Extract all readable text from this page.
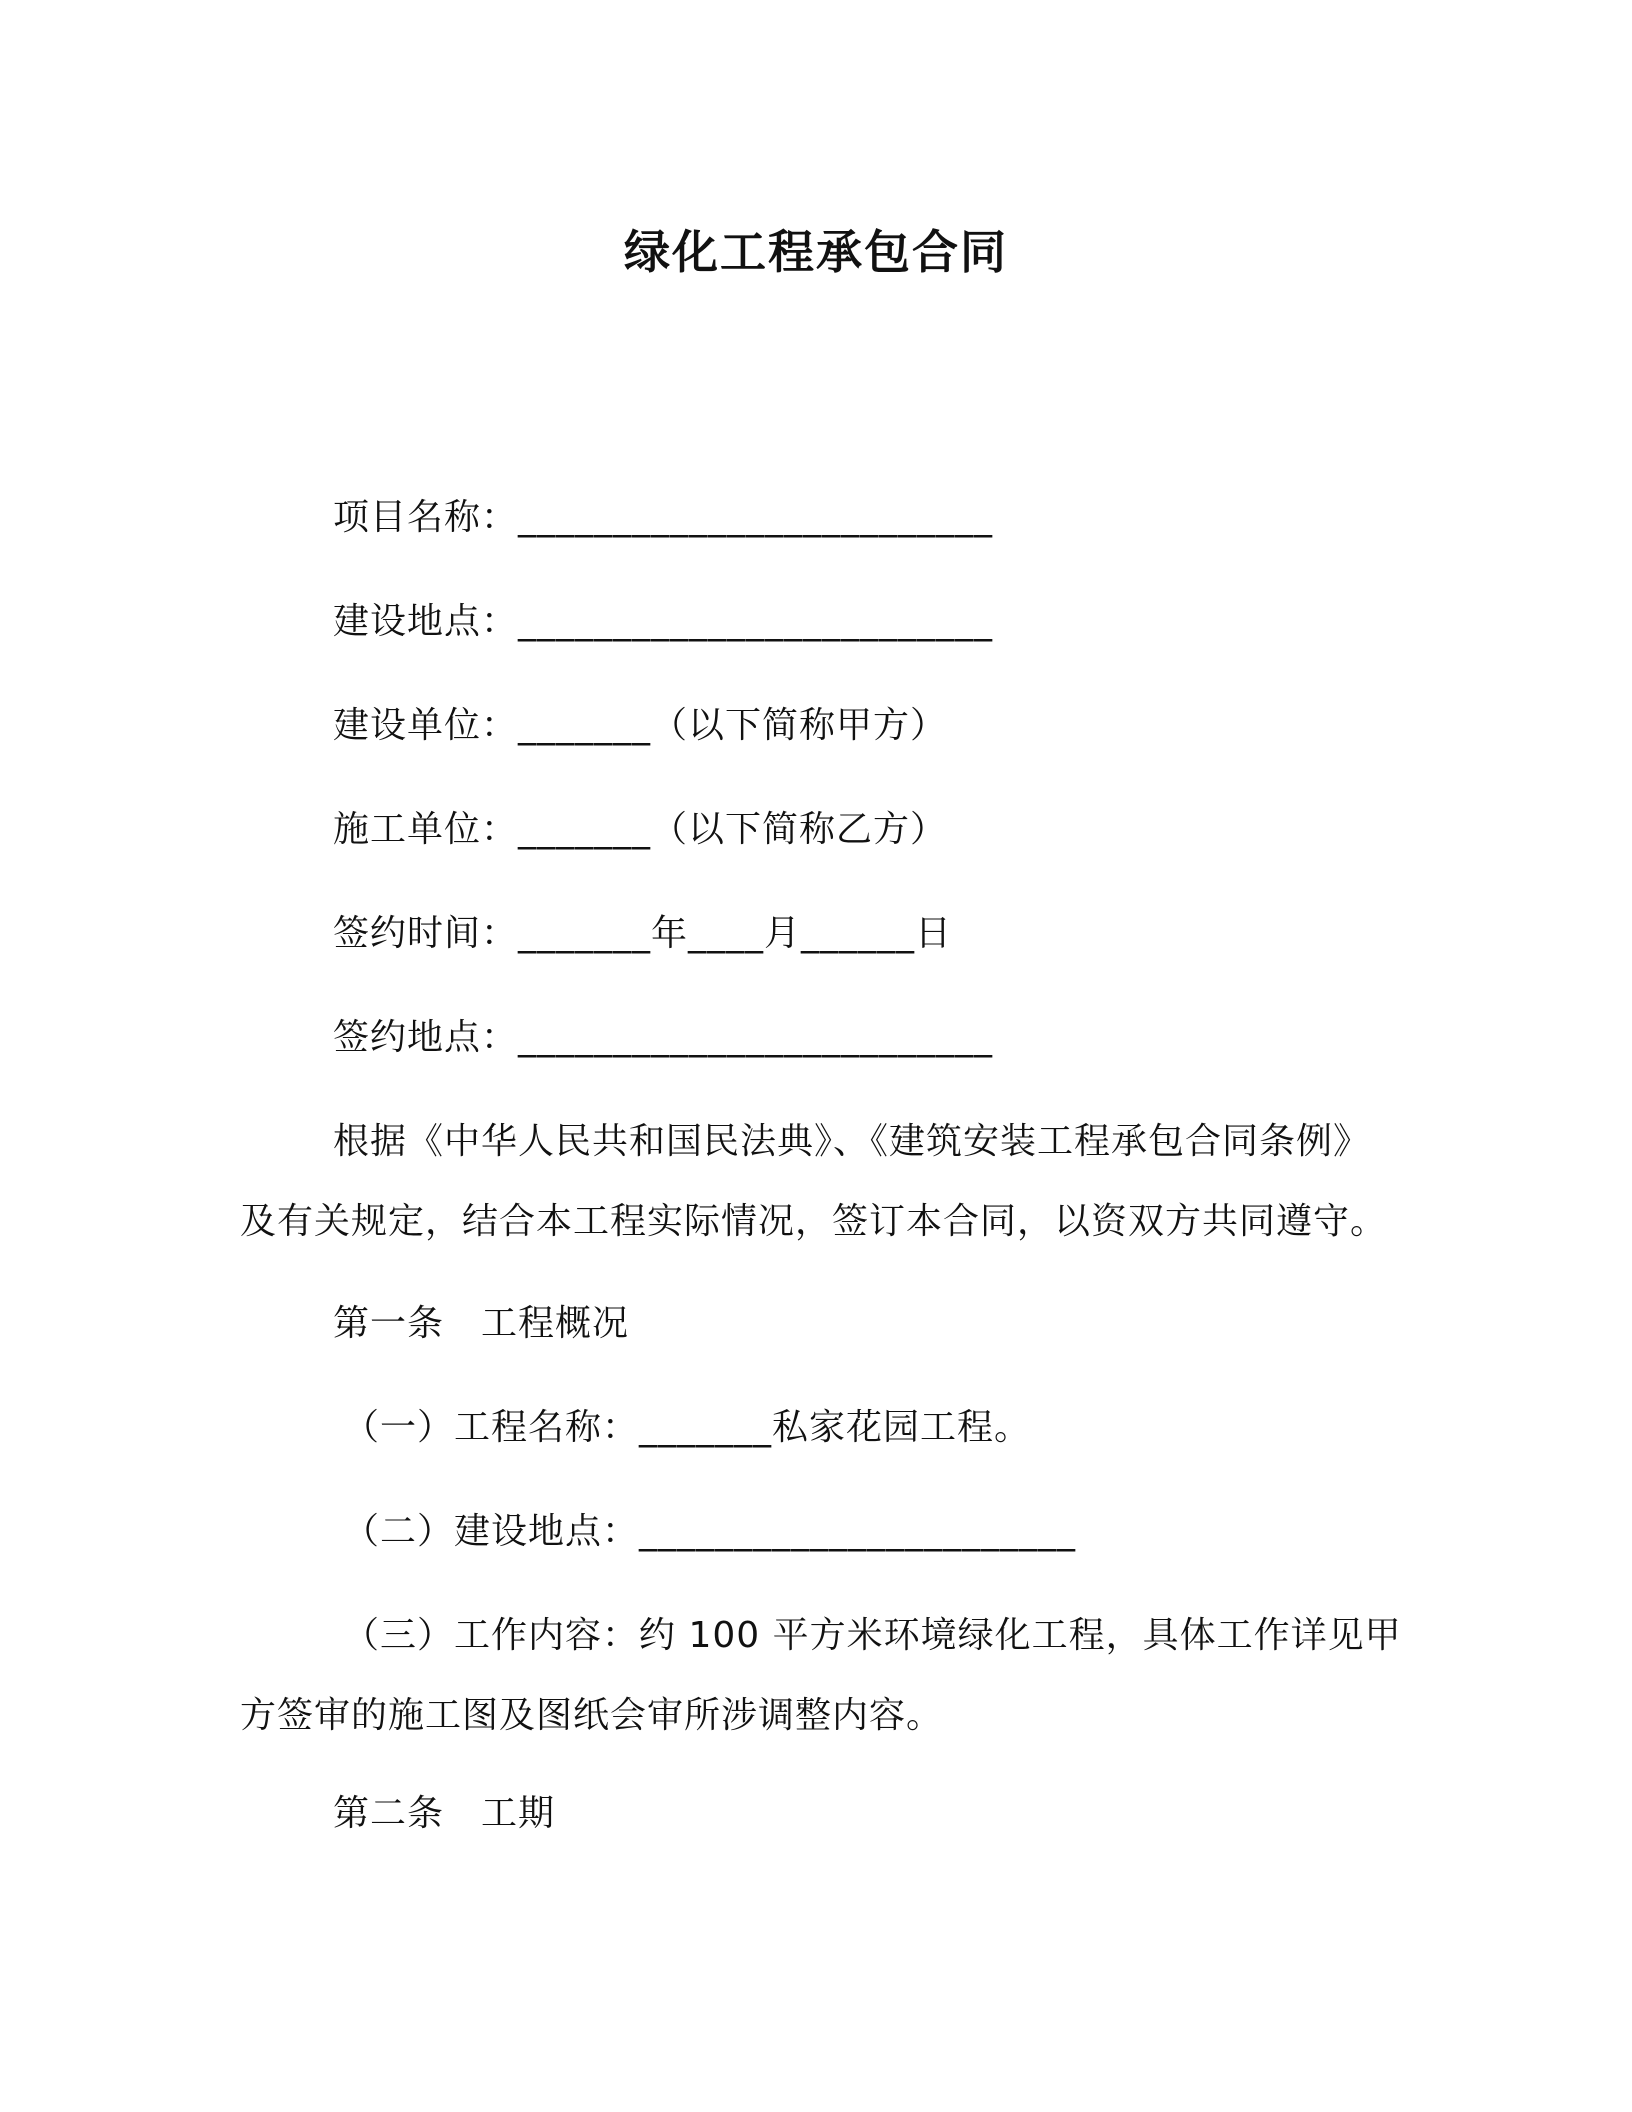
绿化工程承包合同
项目名称：_________________________
建设地点：_________________________
建设单位：_______（以下简称甲方）
施工单位：_______（以下简称乙方）
签约时间：_______年____月______日
签约地点：_________________________
根据《中华人民共和国民法典》、《建筑安装工程承包合同条例》
及有关规定，结合本工程实际情况，签订本合同，以资双方共同遵守。
第一条　工程概况
（一）工程名称：_______私家花园工程。
（二）建设地点：_______________________
（三）工作内容：约 100 平方米环境绿化工程，具体工作详见甲
方签审的施工图及图纸会审所涉调整内容。
第二条　工期
